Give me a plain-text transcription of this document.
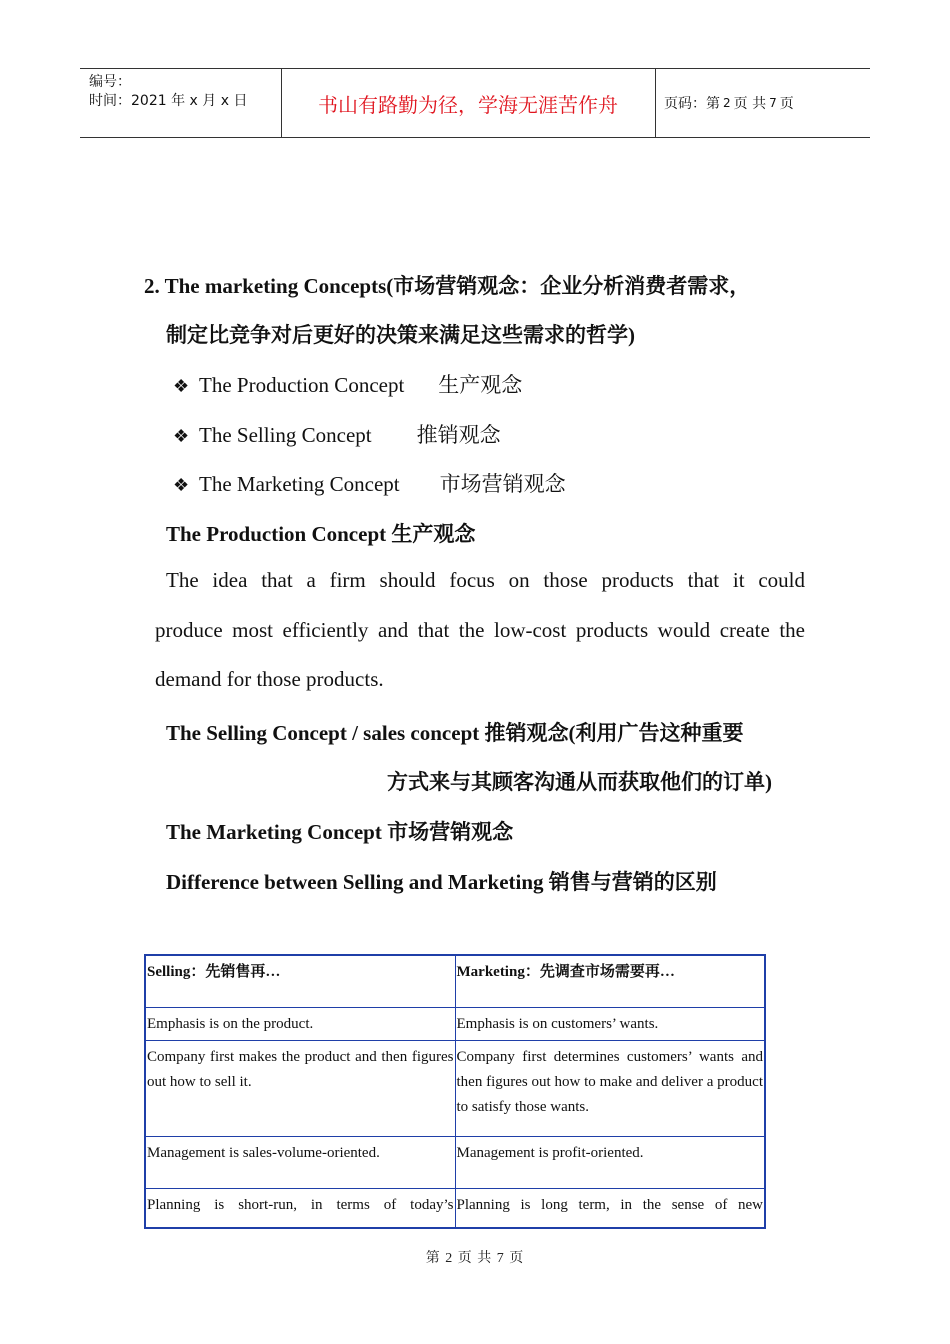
编号：
时间：2021 年 x 月 x 日	书山有路勤为径，学海无涯苦作舟	页码：第 2 页 共 7 页
2. The marketing Concepts(市场营销观念：企业分析消费者需求，
制定比竞争对后更好的决策来满足这些需求的哲学)
❖ The Production Concept 生产观念
❖ The Selling Concept 推销观念
❖ The Marketing Concept 市场营销观念
The Production Concept 生产观念
The idea that a firm should focus on those products that it could
produce most efficiently and that the low-cost products would create the
demand for those products.
The Selling Concept / sales concept 推销观念(利用广告这种重要
方式来与其顾客沟通从而获取他们的订单)
The Marketing Concept 市场营销观念
Difference between Selling and Marketing 销售与营销的区别
Selling：先销售再…	Marketing：先调查市场需要再…
Emphasis is on the product.	Emphasis is on customers’ wants.
Company first makes the product and then figures out how to sell it.	Company first determines customers’ wants and then figures out how to make and deliver a product to satisfy those wants.
Management is sales-volume-oriented.	Management is profit-oriented.
Planning is short-run, in terms of today’s	Planning is long term, in the sense of new
第 2 页 共 7 页
